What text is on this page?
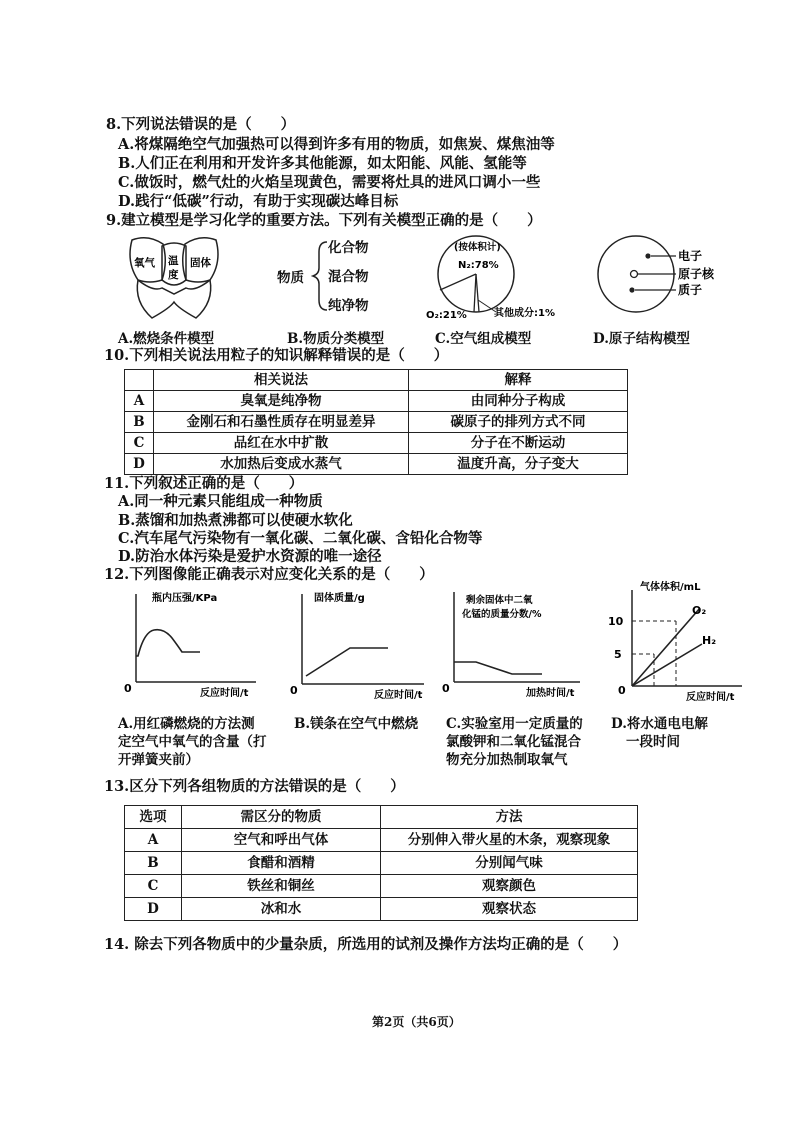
8.下列说法错误的是（　　）
A.将煤隔绝空气加强热可以得到许多有用的物质，如焦炭、煤焦油等
B.人们正在利用和开发许多其他能源，如太阳能、风能、氢能等
C.做饭时，燃气灶的火焰呈现黄色，需要将灶具的进风口调小一些
D.践行“低碳”行动，有助于实现碳达峰目标
9.建立模型是学习化学的重要方法。下列有关模型正确的是（　　）
氧气 温
度
固体
物质
化合物
混合物
纯净物
(按体积计)
N₂:78%
O₂:21%	其他成分:1%
电子
原子核
质子
A.燃烧条件模型	B.物质分类模型	C.空气组成模型	D.原子结构模型
10.下列相关说法用粒子的知识解释错误的是（　　）
	相关说法	解释
A	臭氧是纯净物	由同种分子构成
B	金刚石和石墨性质存在明显差异	碳原子的排列方式不同
C	品红在水中扩散	分子在不断运动
D	水加热后变成水蒸气	温度升高，分子变大
11.下列叙述正确的是（　　）
A.同一种元素只能组成一种物质
B.蒸馏和加热煮沸都可以使硬水软化
C.汽车尾气污染物有一氧化碳、二氧化碳、含铅化合物等
D.防治水体污染是爱护水资源的唯一途径
12.下列图像能正确表示对应变化关系的是（　　）
瓶内压强/KPa
0	反应时间/t
固体质量/g
0	反应时间/t
剩余固体中二氧
化锰的质量分数/%
0	加热时间/t
气体体积/mL
10
5
0
O₂
H₂
反应时间/t
A.用红磷燃烧的方法测
定空气中氧气的含量（打
开弹簧夹前）
B.镁条在空气中燃烧 C.实验室用一定质量的
氯酸钾和二氧化锰混合
物充分加热制取氧气
D.将水通电电解
一段时间
13.区分下列各组物质的方法错误的是（　　）
选项	需区分的物质	方法
A	空气和呼出气体	分别伸入带火星的木条，观察现象
B	食醋和酒精	分别闻气味
C	铁丝和铜丝	观察颜色
D	冰和水	观察状态
14. 除去下列各物质中的少量杂质，所选用的试剂及操作方法均正确的是（　　）
第2页（共6页）
